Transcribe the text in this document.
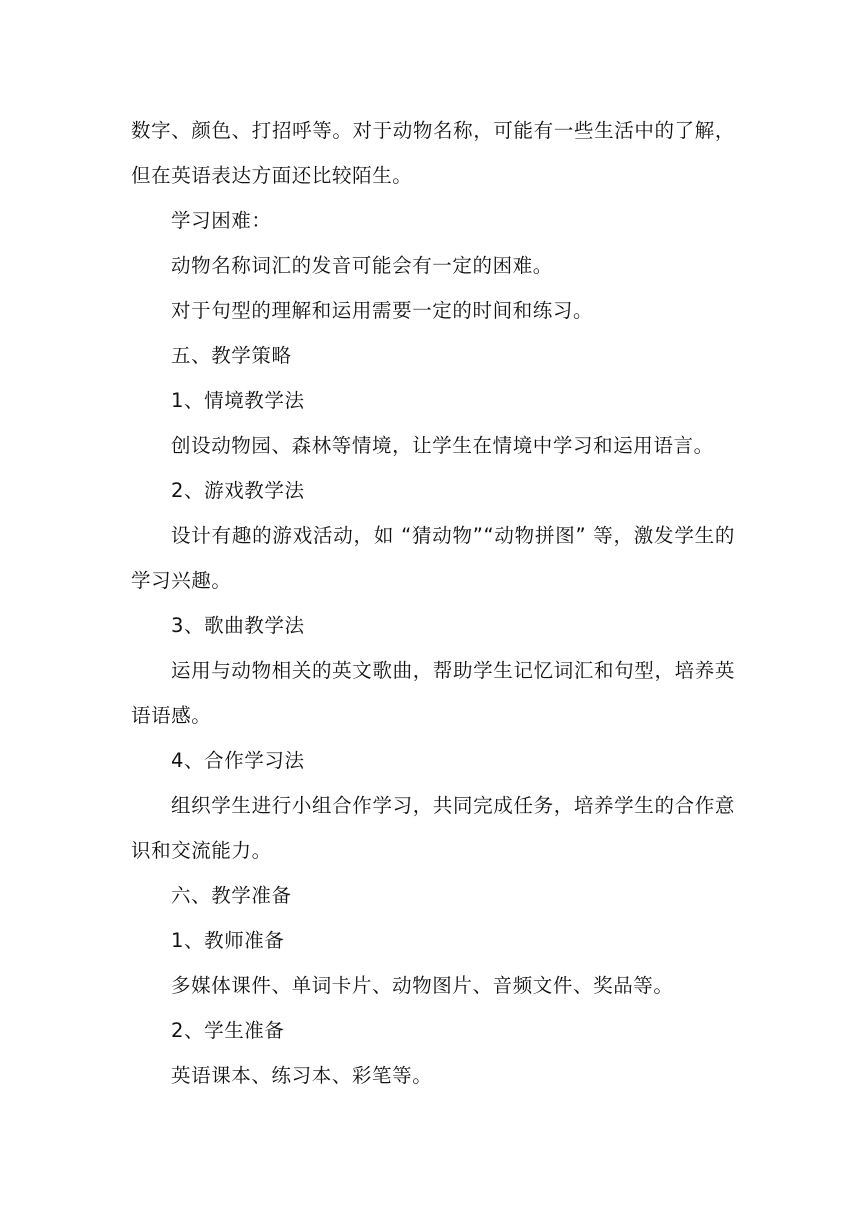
数字、颜色、打招呼等。对于动物名称，可能有一些生活中的了解，但在英语表达方面还比较陌生。

学习困难：

动物名称词汇的发音可能会有一定的困难。

对于句型的理解和运用需要一定的时间和练习。

五、教学策略

1、情境教学法

创设动物园、森林等情境，让学生在情境中学习和运用语言。

2、游戏教学法

设计有趣的游戏活动，如 “猜动物”“动物拼图” 等，激发学生的学习兴趣。

3、歌曲教学法

运用与动物相关的英文歌曲，帮助学生记忆词汇和句型，培养英语语感。

4、合作学习法

组织学生进行小组合作学习，共同完成任务，培养学生的合作意识和交流能力。

六、教学准备

1、教师准备

多媒体课件、单词卡片、动物图片、音频文件、奖品等。

2、学生准备

英语课本、练习本、彩笔等。
